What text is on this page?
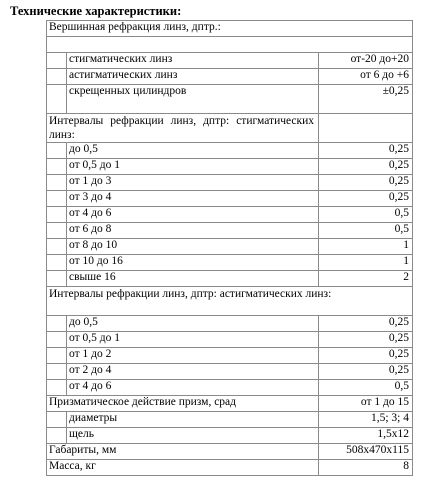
Технические характеристики:
Вершинная рефракция линз, дптр.:		

	стигматических линз	от-20 до+20
	астигматических линз	от 6 до +6
	скрещенных цилиндров	±0,25
Интервалы рефракции линз, дптр: стигматических линз:		
	до 0,5	0,25
	от 0,5 до 1	0,25
	от 1 до 3	0,25
	от 3 до 4	0,25
	от 4 до 6	0,5
	от 6 до 8	0,5
	от 8 до 10	1
	от 10 до 16	1
	свыше 16	2
Интервалы рефракции линз, дптр: астигматических линз:		
	до 0,5	0,25
	от 0,5 до 1	0,25
	от 1 до 2	0,25
	от 2 до 4	0,25
	от 4 до 6	0,5
Призматическое действие призм, срад		от 1 до 15
	диаметры	1,5; 3; 4
	щель	1,5x12
Габариты, мм		508x470x115
Масса, кг		8
